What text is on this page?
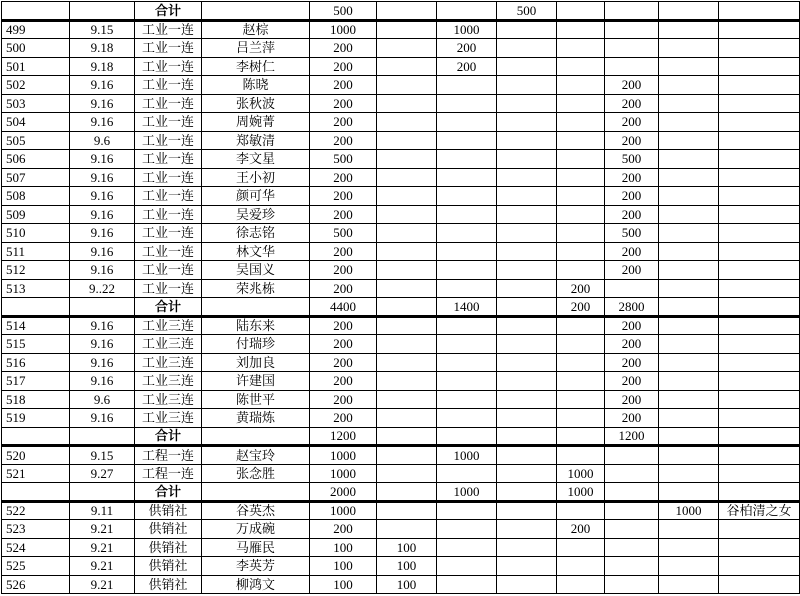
		合计		500			500				
499	9.15	工业一连	赵棕	1000		1000					
500	9.18	工业一连	吕兰萍	200		200					
501	9.18	工业一连	李树仁	200		200					
502	9.16	工业一连	陈晓	200					200		
503	9.16	工业一连	张秋波	200					200		
504	9.16	工业一连	周婉菁	200					200		
505	9.6	工业一连	郑敏清	200					200		
506	9.16	工业一连	李文星	500					500		
507	9.16	工业一连	王小初	200					200		
508	9.16	工业一连	颜可华	200					200		
509	9.16	工业一连	吴爱珍	200					200		
510	9.16	工业一连	徐志铭	500					500		
511	9.16	工业一连	林文华	200					200		
512	9.16	工业一连	吴国义	200					200		
513	9..22	工业一连	荣兆栋	200				200			
		合计		4400		1400		200	2800		
514	9.16	工业三连	陆东来	200					200		
515	9.16	工业三连	付瑞珍	200					200		
516	9.16	工业三连	刘加良	200					200		
517	9.16	工业三连	许建国	200					200		
518	9.6	工业三连	陈世平	200					200		
519	9.16	工业三连	黄瑞炼	200					200		
		合计		1200					1200		
520	9.15	工程一连	赵宝玲	1000		1000					
521	9.27	工程一连	张念胜	1000				1000			
		合计		2000		1000		1000			
522	9.11	供销社	谷英杰	1000						1000	谷柏清之女
523	9.21	供销社	万成碗	200				200			
524	9.21	供销社	马雁民	100	100						
525	9.21	供销社	李英芳	100	100						
526	9.21	供销社	柳鸿文	100	100						
